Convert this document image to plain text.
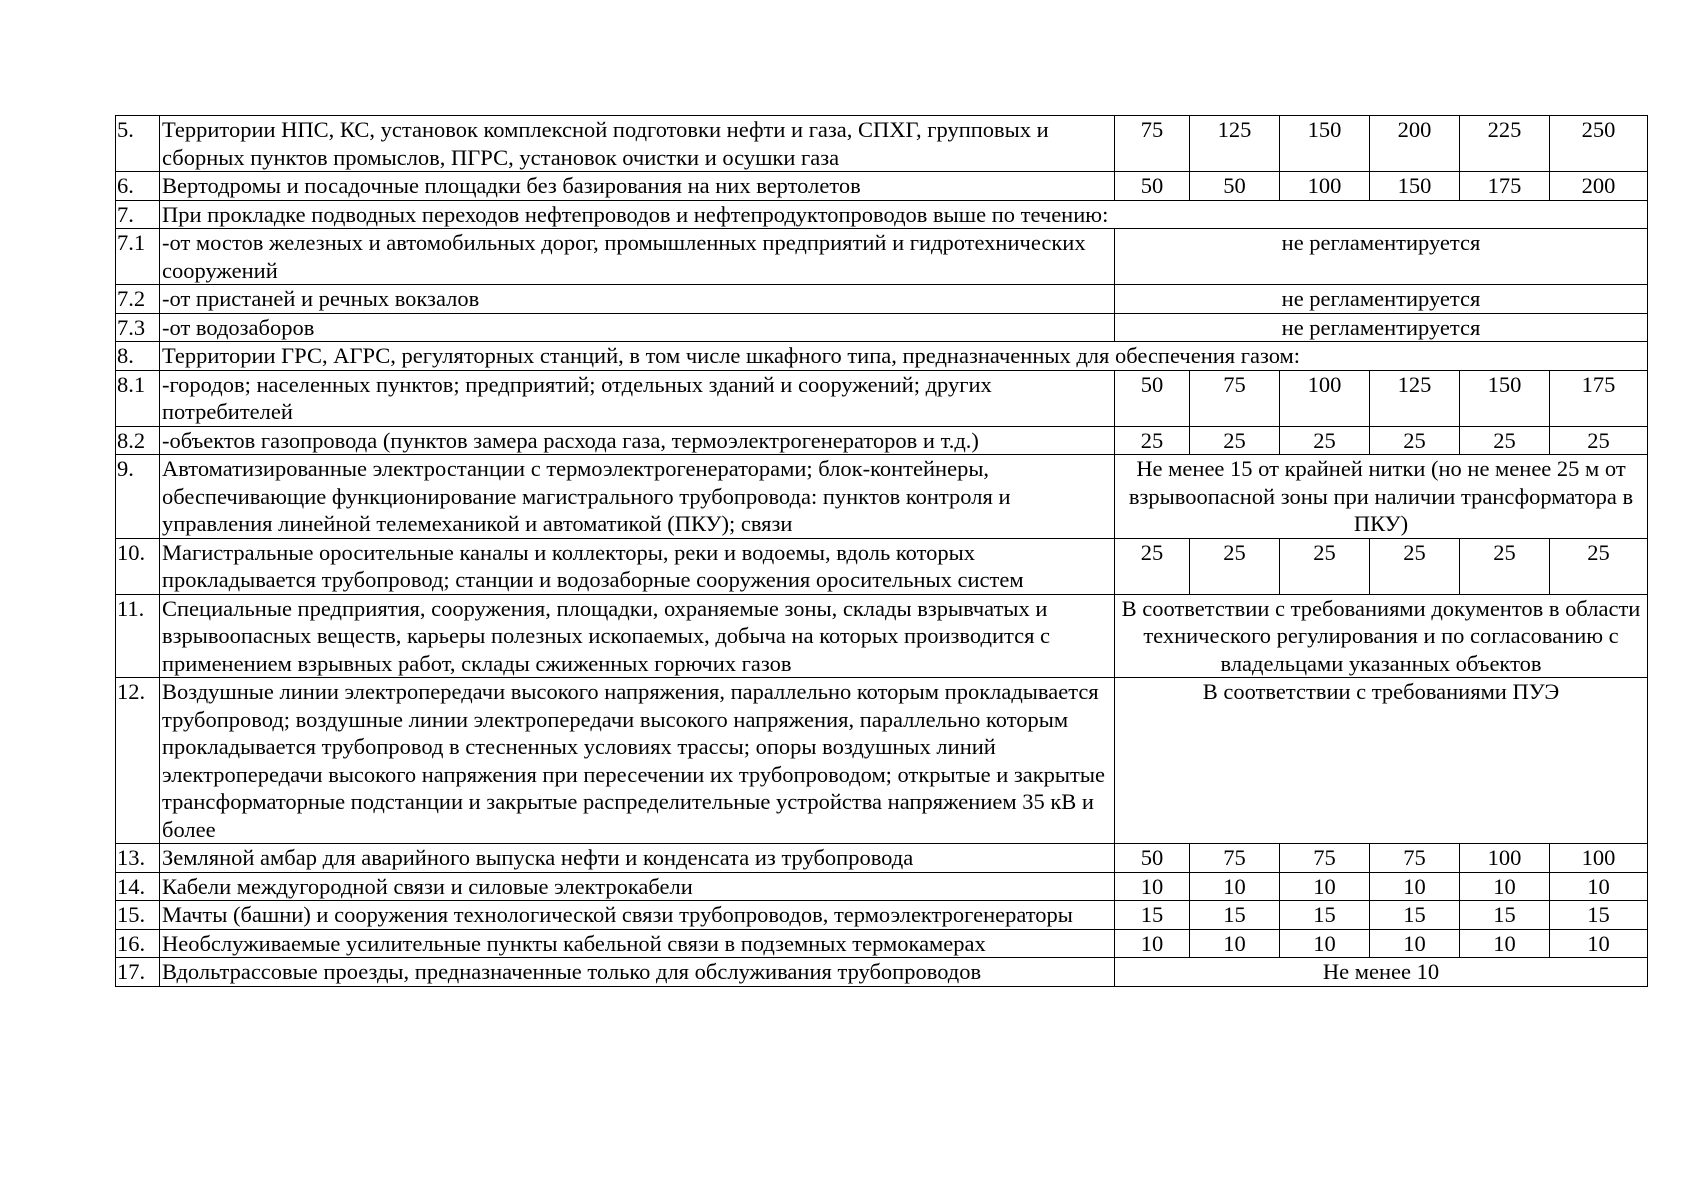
5.	Территории НПС, КС, установок комплексной подготовки нефти и газа, СПХГ, групповых и сборных пунктов промыслов, ПГРС, установок очистки и осушки газа	75	125	150	200	225	250
6.	Вертодромы и посадочные площадки без базирования на них вертолетов	50	50	100	150	175	200
7.	При прокладке подводных переходов нефтепроводов и нефтепродуктопроводов выше по течению:						
7.1	-от мостов железных и автомобильных дорог, промышленных предприятий и гидротехнических сооружений	не регламентируется					
7.2	-от пристаней и речных вокзалов	не регламентируется					
7.3	-от водозаборов	не регламентируется					
8.	Территории ГРС, АГРС, регуляторных станций, в том числе шкафного типа, предназначенных для обеспечения газом:						
8.1	-городов; населенных пунктов; предприятий; отдельных зданий и сооружений; других потребителей	50	75	100	125	150	175
8.2	-объектов газопровода (пунктов замера расхода газа, термоэлектрогенераторов и т.д.)	25	25	25	25	25	25
9.	Автоматизированные электростанции с термоэлектрогенераторами; блок-контейнеры, обеспечивающие функционирование магистрального трубопровода: пунктов контроля и управления линейной телемеханикой и автоматикой (ПКУ); связи	Не менее 15 от крайней нитки (но не менее 25 м от взрывоопасной зоны при наличии трансформатора в ПКУ)					
10.	Магистральные оросительные каналы и коллекторы, реки и водоемы, вдоль которых прокладывается трубопровод; станции и водозаборные сооружения оросительных систем	25	25	25	25	25	25
11.	Специальные предприятия, сооружения, площадки, охраняемые зоны, склады взрывчатых и взрывоопасных веществ, карьеры полезных ископаемых, добыча на которых производится с применением взрывных работ, склады сжиженных горючих газов	В соответствии с требованиями документов в области технического регулирования и по согласованию с владельцами указанных объектов					
12.	Воздушные линии электропередачи высокого напряжения, параллельно которым прокладывается трубопровод; воздушные линии электропередачи высокого напряжения, параллельно которым прокладывается трубопровод в стесненных условиях трассы; опоры воздушных линий электропередачи высокого напряжения при пересечении их трубопроводом; открытые и закрытые трансформаторные подстанции и закрытые распределительные устройства напряжением 35 кВ и более	В соответствии с требованиями ПУЭ					
13.	Земляной амбар для аварийного выпуска нефти и конденсата из трубопровода	50	75	75	75	100	100
14.	Кабели междугородной связи и силовые электрокабели	10	10	10	10	10	10
15.	Мачты (башни) и сооружения технологической связи трубопроводов, термоэлектрогенераторы	15	15	15	15	15	15
16.	Необслуживаемые усилительные пункты кабельной связи в подземных термокамерах	10	10	10	10	10	10
17.	Вдольтрассовые проезды, предназначенные только для обслуживания трубопроводов	Не менее 10					
